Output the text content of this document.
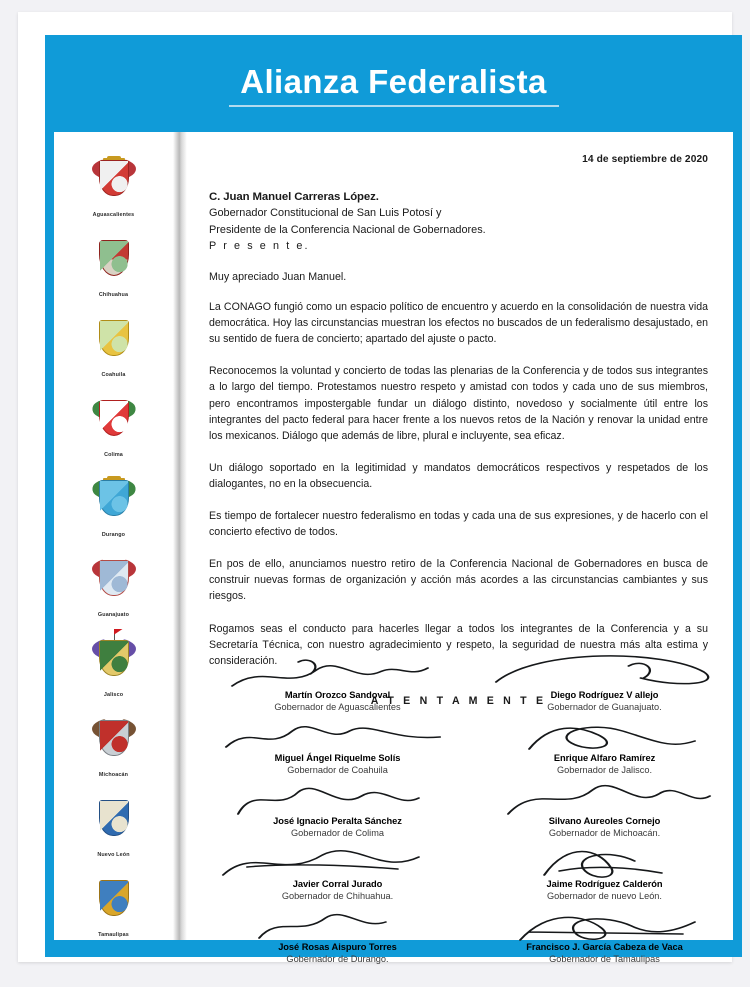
Alianza Federalista
Aguascalientes
Chihuahua
Coahuila
Colima
Durango
Guanajuato
Jalisco
Michoacán
Nuevo León
Tamaulipas
14 de septiembre de 2020
C. Juan Manuel Carreras López.
Gobernador Constitucional de San Luis Potosí y
Presidente de la Conferencia Nacional de Gobernadores.
P r e s e n t e.
Muy apreciado Juan Manuel.

La CONAGO fungió como un espacio político de encuentro y acuerdo en la consolidación de nuestra vida democrática. Hoy las circunstancias muestran los efectos no buscados de un federalismo desajustado, en su sentido de fuera de concierto; apartado del ajuste o pacto.

Reconocemos la voluntad y concierto de todas las plenarias de la Conferencia y de todos sus integrantes a lo largo del tiempo. Protestamos nuestro respeto y amistad con todos y cada uno de sus miembros, pero encontramos impostergable fundar un diálogo distinto, novedoso y socialmente útil entre los integrantes del pacto federal para hacer frente a los nuevos retos de la Nación y renovar la unidad entre los mexicanos. Diálogo que además de libre, plural e incluyente, sea eficaz.

Un diálogo soportado en la legitimidad y mandatos democráticos respectivos y respetados de los dialogantes, no en la obsecuencia.

Es tiempo de fortalecer nuestro federalismo en todas y cada una de sus expresiones, y de hacerlo con el concierto efectivo de todos.

En pos de ello, anunciamos nuestro retiro de la Conferencia Nacional de Gobernadores en busca de construir nuevas formas de organización y acción más acordes a las circunstancias cambiantes y sus riesgos.

Rogamos seas el conducto para hacerles llegar a todos los integrantes de la Conferencia y a su Secretaría Técnica, con nuestro agradecimiento y respeto, la seguridad de nuestra más alta estima y consideración.

A T E N T A M E N T E
Martín Orozco Sandoval
Gobernador de Aguascalientes
Miguel Ángel Riquelme Solís
Gobernador de Coahuila
José Ignacio Peralta Sánchez
Gobernador de Colima
Javier Corral Jurado
Gobernador de Chihuahua.
José Rosas Aispuro Torres
Gobernador de Durango.
Diego Rodríguez V allejo
Gobernador de Guanajuato.
Enrique Alfaro Ramírez
Gobernador de Jalisco.
Silvano Aureoles Cornejo
Gobernador de Michoacán.
Jaime Rodríguez Calderón
Gobernador de nuevo León.
Francisco J. García Cabeza de Vaca
Gobernador de Tamaulipas
